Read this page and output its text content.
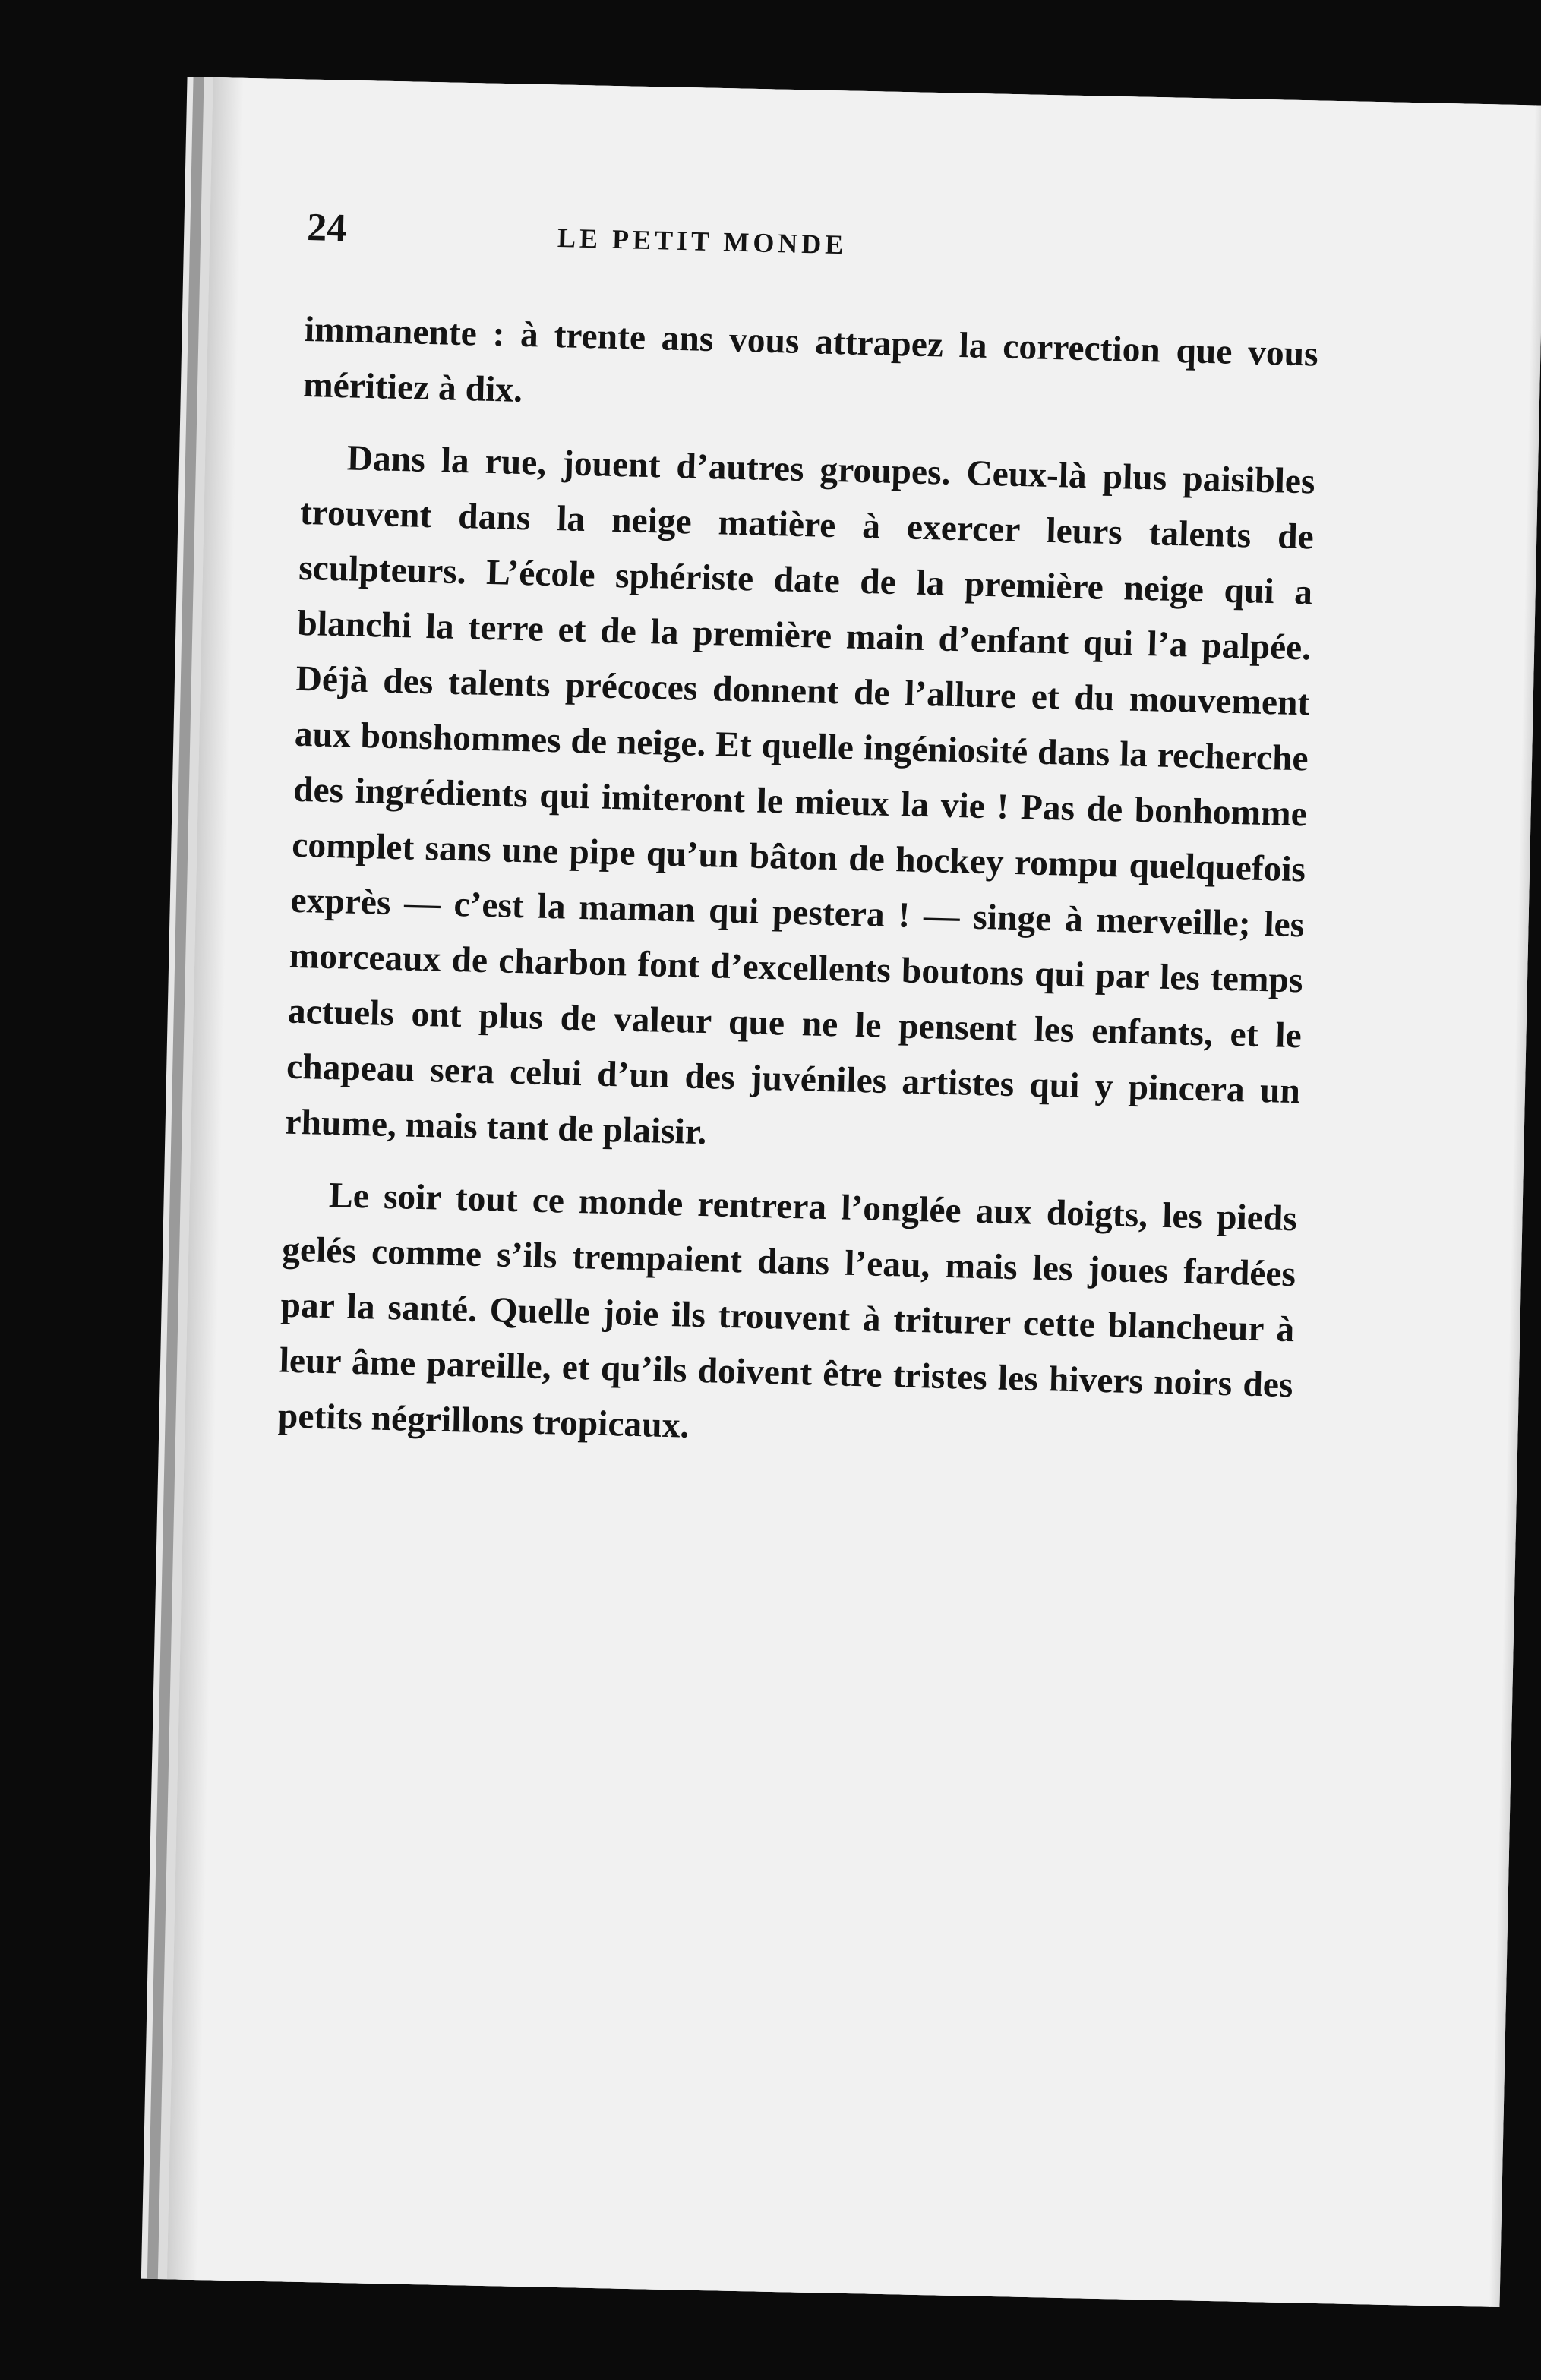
24	LE PETIT MONDE

immanente : à trente ans vous attrapez la correction que vous méritiez à dix.

Dans la rue, jouent d’autres groupes. Ceux-là plus paisibles trouvent dans la neige matière à exercer leurs talents de sculpteurs. L’école sphériste date de la première neige qui a blanchi la terre et de la première main d’enfant qui l’a palpée. Déjà des talents précoces donnent de l’allure et du mouvement aux bonshommes de neige. Et quelle ingéniosité dans la recherche des ingrédients qui imiteront le mieux la vie ! Pas de bonhomme complet sans une pipe qu’un bâton de hockey rompu quelquefois exprès — c’est la maman qui pestera ! — singe à merveille; les morceaux de charbon font d’excellents boutons qui par les temps actuels ont plus de valeur que ne le pensent les enfants, et le chapeau sera celui d’un des juvéniles artistes qui y pincera un rhume, mais tant de plaisir.

Le soir tout ce monde rentrera l’onglée aux doigts, les pieds gelés comme s’ils trempaient dans l’eau, mais les joues fardées par la santé. Quelle joie ils trouvent à triturer cette blancheur à leur âme pareille, et qu’ils doivent être tristes les hivers noirs des petits négrillons tropicaux.
